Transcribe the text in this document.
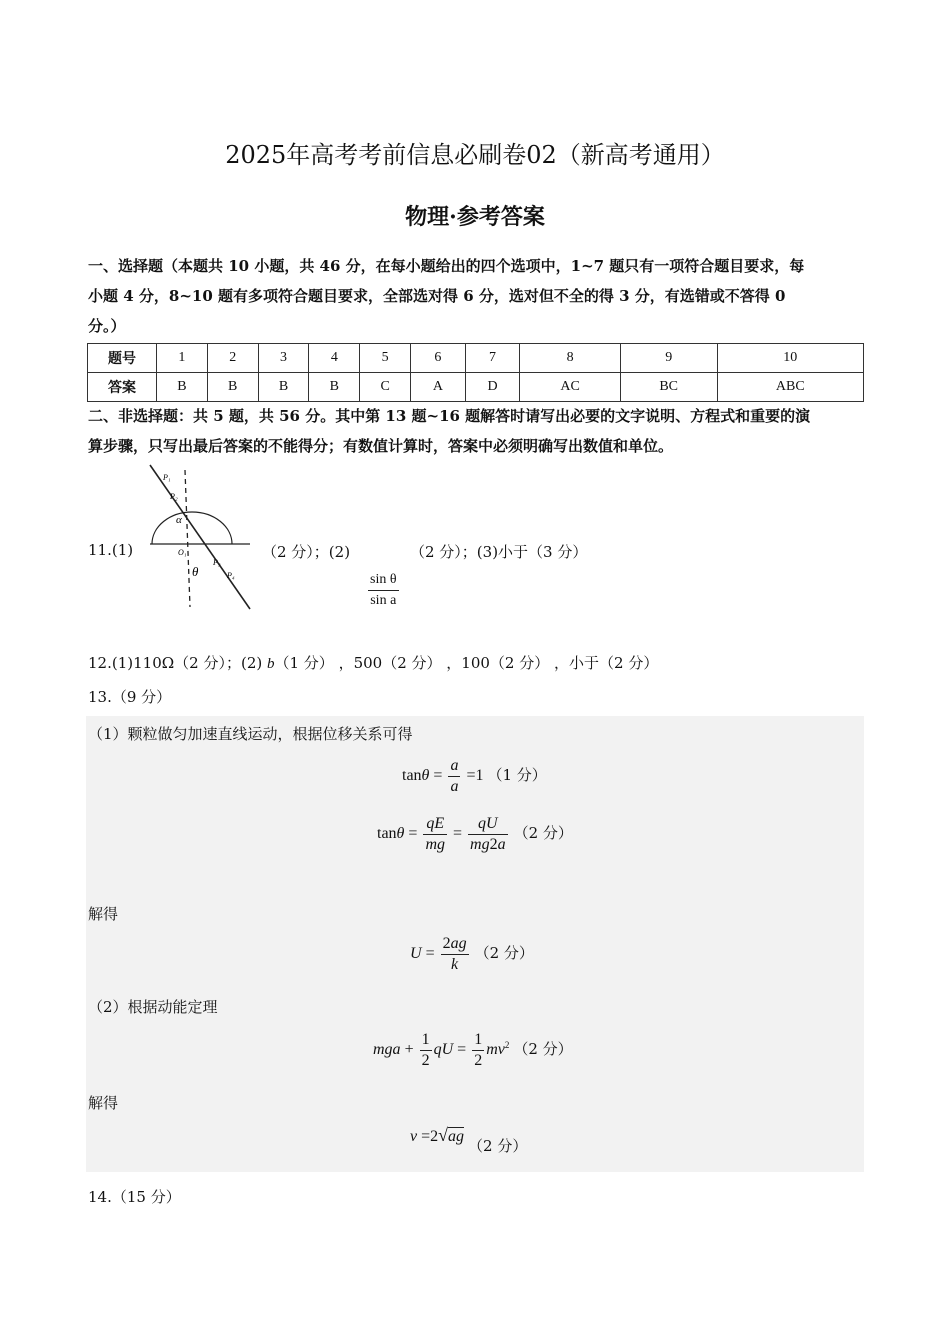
2025年高考考前信息必刷卷02（新高考通用）
物理·参考答案
一、选择题（本题共 10 小题，共 46 分，在每小题给出的四个选项中，1~7 题只有一项符合题目要求，每
小题 4 分，8~10 题有多项符合题目要求，全部选对得 6 分，选对但不全的得 3 分，有选错或不答得 0
分。）
题号	1	2	3	4	5	6	7	8	9	10
答案	B	B	B	B	C	A	D	AC	BC	ABC
二、非选择题：共 5 题，共 56 分。其中第 13 题~16 题解答时请写出必要的文字说明、方程式和重要的演
算步骤，只写出最后答案的不能得分；有数值计算时，答案中必须明确写出数值和单位。
11.(1)
P₁
P₂
α
O₁
P₃
P₄
θ
（2 分）；(2)	（2 分）；(3)小于（3 分）
$\frac{\text{sin θ}}{\text{sin a}}$
12.(1)110Ω（2 分）；(2) b（1 分） ，500（2 分） ，100（2 分） ，小于（2 分）
13.（9 分）
（1）颗粒做匀加速直线运动，根据位移关系可得
$\tan\theta = \frac{a}{a} =1$ （1 分）
$\tan\theta = \frac{qE}{mg} = \frac{qU}{mg2a} (2$ 分）
解得
$U = \frac{2ag}{k} (2$ 分）
（2）根据动能定理
mga + $\frac{1}{2}$ qU = $\frac{1}{2} mv^2$ （2 分）
解得
v =2√ag （2 分）
14.（15 分）
